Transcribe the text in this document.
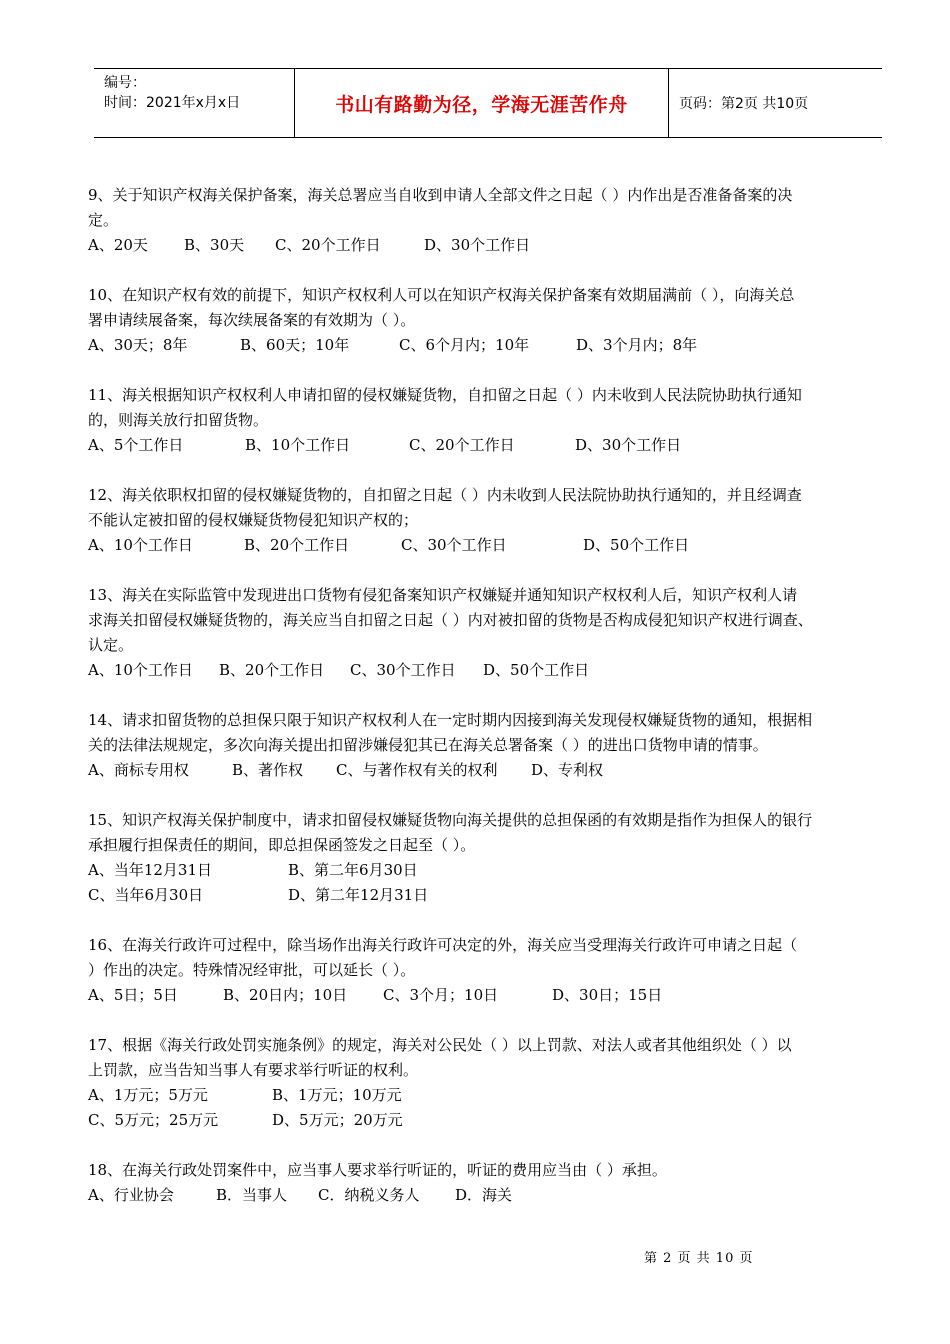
编号：
时间：2021年x月x日	书山有路勤为径，学海无涯苦作舟	页码：第2页 共10页

9、关于知识产权海关保护备案，海关总署应当自收到申请人全部文件之日起（ ）内作出是否准备备案的决

定。

A、20天 B、30天 C、20个工作日	D、30个工作日

10、在知识产权有效的前提下，知识产权权利人可以在知识产权海关保护备案有效期届满前（ ），向海关总

署申请续展备案，每次续展备案的有效期为（ ）。

A、30天；8年	B、60天；10年	C、6个月内；10年	D、3个月内；8年

11、海关根据知识产权权利人申请扣留的侵权嫌疑货物，自扣留之日起（ ）内未收到人民法院协助执行通知

的，则海关放行扣留货物。

A、5个工作日	B、10个工作日	C、20个工作日	D、30个工作日

12、海关依职权扣留的侵权嫌疑货物的，自扣留之日起（ ）内未收到人民法院协助执行通知的，并且经调查

不能认定被扣留的侵权嫌疑货物侵犯知识产权的；

A、10个工作日	B、20个工作日	C、30个工作日	D、50个工作日

13、海关在实际监管中发现进出口货物有侵犯备案知识产权嫌疑并通知知识产权权利人后，知识产权利人请

求海关扣留侵权嫌疑货物的，海关应当自扣留之日起（ ）内对被扣留的货物是否构成侵犯知识产权进行调查、

认定。

A、10个工作日 B、20个工作日 C、30个工作日 D、50个工作日

14、请求扣留货物的总担保只限于知识产权权利人在一定时期内因接到海关发现侵权嫌疑货物的通知，根据相

关的法律法规规定，多次向海关提出扣留涉嫌侵犯其已在海关总署备案（ ）的进出口货物申请的情事。

A、商标专用权	B、著作权 C、与著作权有关的权利 D、专利权

15、知识产权海关保护制度中，请求扣留侵权嫌疑货物向海关提供的总担保函的有效期是指作为担保人的银行

承担履行担保责任的期间，即总担保函签发之日起至（ ）。

A、当年12月31日	B、第二年6月30日

C、当年6月30日	D、第二年12月31日

16、在海关行政许可过程中，除当场作出海关行政许可决定的外，海关应当受理海关行政许可申请之日起（

）作出的决定。特殊情况经审批，可以延长（ ）。

A、5日；5日	B、20日内；10日 C、3个月；10日	D、30日；15日

17、根据《海关行政处罚实施条例》的规定，海关对公民处（ ）以上罚款、对法人或者其他组织处（ ）以

上罚款，应当告知当事人有要求举行听证的权利。

A、1万元；5万元	B、1万元；10万元

C、5万元；25万元	D、5万元；20万元

18、在海关行政处罚案件中，应当事人要求举行听证的，听证的费用应当由（ ）承担。

A、行业协会	B．当事人 C．纳税义务人 D．海关

第 2 页 共 10 页
